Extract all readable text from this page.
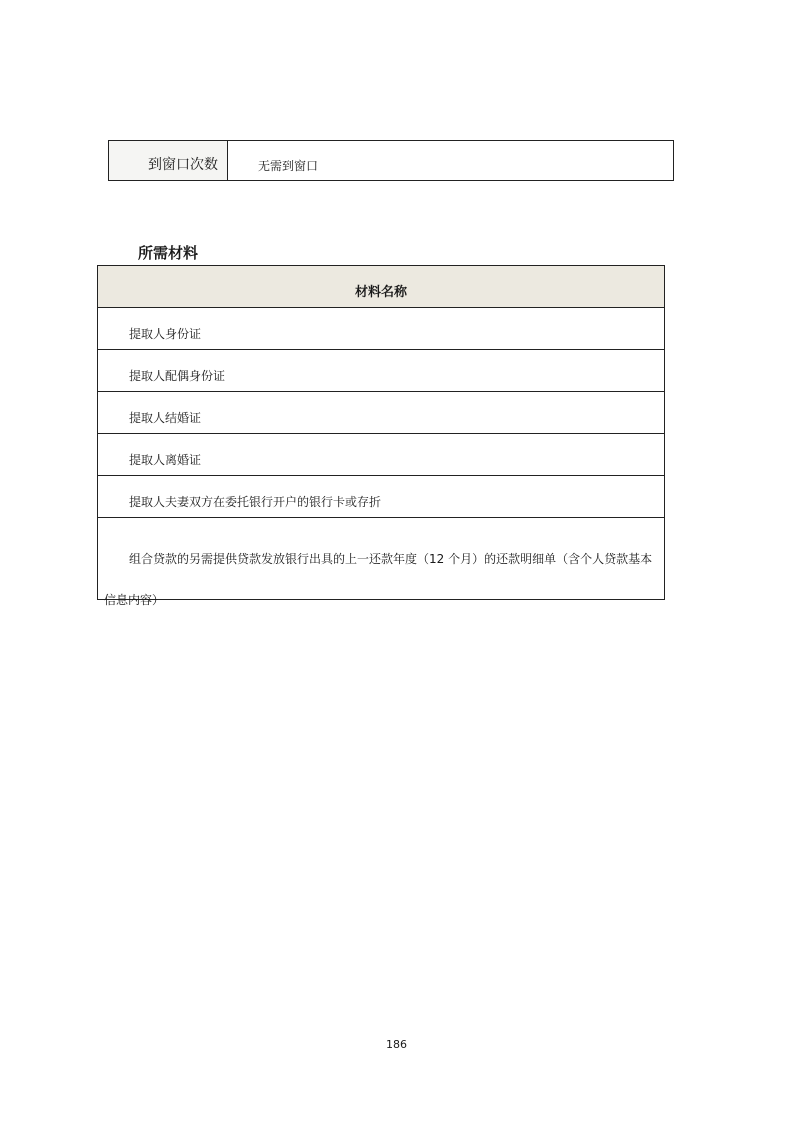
到窗口次数	无需到窗口
所需材料
材料名称
提取人身份证
提取人配偶身份证
提取人结婚证
提取人离婚证
提取人夫妻双方在委托银行开户的银行卡或存折
组合贷款的另需提供贷款发放银行出具的上一还款年度（12 个月）的还款明细单（含个人贷款基本信息内容）
186
